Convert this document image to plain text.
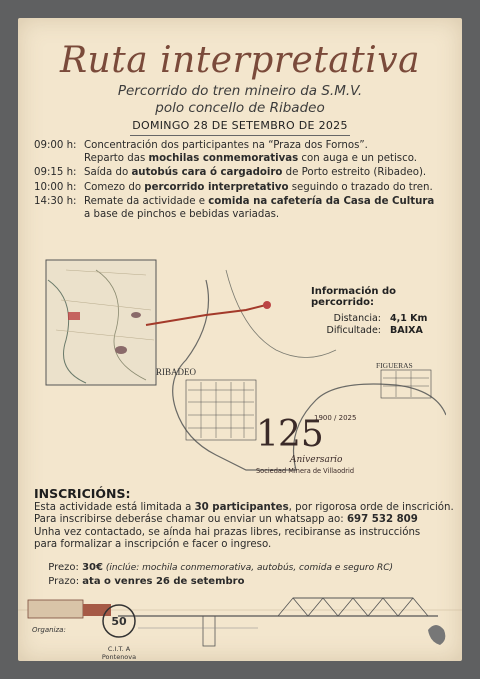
Ruta interpretativa
Percorrido do tren mineiro da S.M.V.
polo concello de Ribadeo
DOMINGO 28 DE SETEMBRO DE 2025
09:00 h: Concentración dos participantes na “Praza dos Fornos”.
Reparto das mochilas conmemorativas con auga e un petisco.
09:15 h: Saída do autobús cara ó cargadoiro de Porto estreito (Ribadeo).
10:00 h: Comezo do percorrido interpretativo seguindo o trazado do tren.
14:30 h: Remate da actividade e comida na cafetería da Casa de Cultura
a base de pinchos e bebidas variadas.
RIBADEO
FIGUERAS
Información do percorrido:
Distancia: 4,1 Km
Dificultade: BAIXA
1 25
1900 / 2025
Aniversario
Sociedad Minera de Villaodrid
INSCRICIÓNS:
Esta actividade está limitada a 30 participantes, por rigorosa orde de inscrición.
Para inscribirse deberáse chamar ou enviar un whatsapp ao: 697 532 809
Unha vez contactado, se aínda hai prazas libres, recibiranse as instruccións
para formalizar a inscripción e facer o ingreso.
Prezo: 30€ (inclúe: mochila conmemorativa, autobús, comida e seguro RC)
Prazo: ata o venres 26 de setembro
Organiza:
50
C.I.T. A Pontenova
